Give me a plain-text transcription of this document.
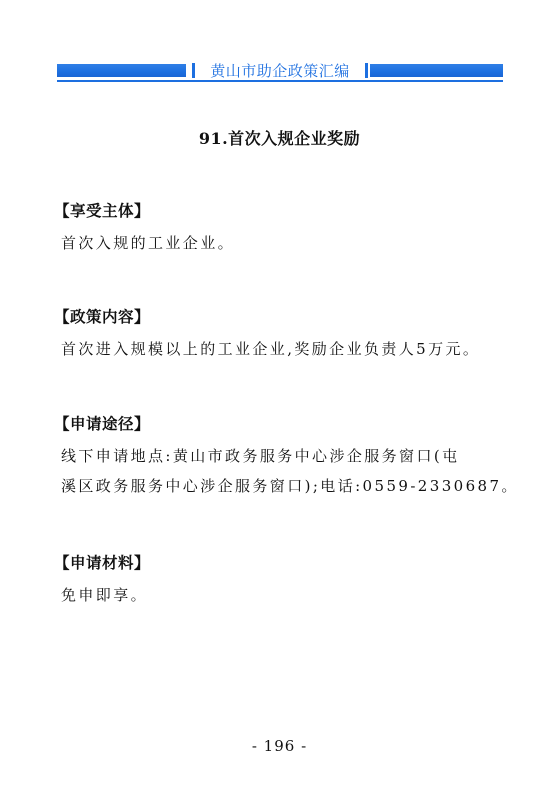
黄山市助企政策汇编
91.首次入规企业奖励
【享受主体】
首次入规的工业企业。
【政策内容】
首次进入规模以上的工业企业,奖励企业负责人5万元。
【申请途径】
线下申请地点:黄山市政务服务中心涉企服务窗口(屯
溪区政务服务中心涉企服务窗口);电话:0559-2330687。
【申请材料】
免申即享。
- 196 -
